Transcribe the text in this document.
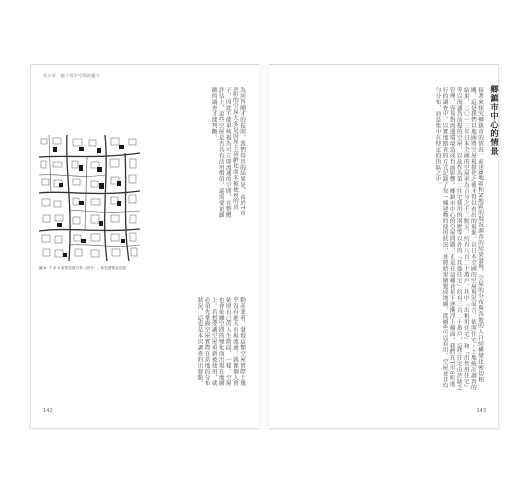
第五章　縮小都市空間的魔力
為回答剛才的提問，我們得出的結果是，由於T市S町的空屋大多是因屋主高齡化而未被使用的房子，因此不能單純視為可立即流通的空間，在整體評估上，這些空屋是否具有活用價值，還需要更細緻的調查才能判斷。
圖 6　T 市 S 町的空屋分布（部分）。灰色建物為空屋
動產業者，發現這類空屋實際上幾乎沒有進入市場流通。就像個人會依照自己的人生階段，一樣，空屋也會依據空間的變化而出現在地圖上。若想要讓空屋重新被使用，就必須先掌握空屋實際在當地的分布狀況，這也是本次調查的出發點。
142
接著來探究鄉鎮市的情況。前述B地區和N地區的現況調查的結果發現，空屋的分布與各地的人口結構變化密切相關，這是我們以地圖將空屋視覺化之後才得以看出的現象。以日本全國的空屋現況而言，依照住宅・土地統計調查的結果，二〇一三年日本全國的空屋率為百分之十三點五，約有八百二十萬戶。其中『出租用住宅』和『出售用住宅』等以流通為前提的空屋，以及作為第二住宅使用的別墅等以外的『其他住宅』約有三百二十萬戶，這些住宅由於缺乏管理，容易對周邊環境造成負面影響。鄉鎮市中心的空屋問題，正是在這種背景下逐漸浮上檯面。我們在T市S町進行的調查中，以實地踏查的方式記錄了每一棟建物的使用狀況，並將結果繪製成地圖。從圖6可以看出，空屋並非均勻分布，而是集中在特定的街區之中。	鄉鎮市中心的情景
143
